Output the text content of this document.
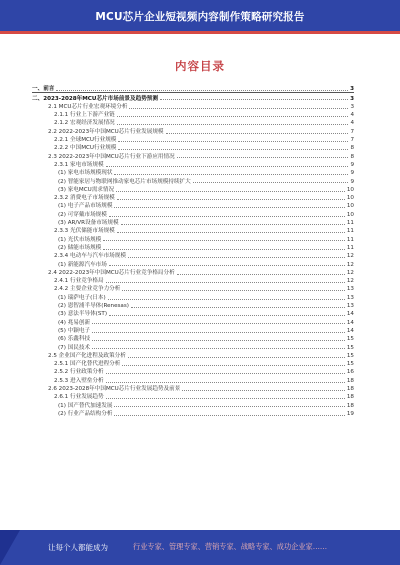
MCU芯片企业短视频内容制作策略研究报告
内容目录
一、前言	3
二、2023-2028年MCU芯片市场前景及趋势预测	3
2.1 MCU芯片行业宏观环境分析	3
2.1.1 行业上下游产业链	4
2.1.2 宏观经济发展情况	4
2.2 2022-2023年中国MCU芯片行业发展规模	7
2.2.1 全球MCU行业规模	7
2.2.2 中国MCU行业规模	8
2.3 2022-2023年中国MCU芯片行业下游应用情况	8
2.3.1 家电市场规模	9
(1) 家电市场规模现状	9
(2) 智能家居与物联网推动家电芯片市场规模持续扩大	9
(3) 家电MCU需求情况	10
2.3.2 消费电子市场规模	10
(1) 电子产品市场规模	10
(2) 可穿戴市场规模	10
(3) AR/VR设备市场规模	11
2.3.3 光伏储能市场规模	11
(1) 光伏市场规模	11
(2) 储能市场规模	11
2.3.4 电动车与汽车市场规模	12
(1) 新能源汽车市场	12
2.4 2022-2023年中国MCU芯片行业竞争格局分析	12
2.4.1 行业竞争格局	12
2.4.2 主要企业竞争力分析	13
(1) 瑞萨电子(日本)	13
(2) 恩智浦半导体(Renesas)	13
(3) 意法半导体(ST)	14
(4) 兆易创新	14
(5) 中颖电子	14
(6) 乐鑫科技	15
(7) 国民技术	15
2.5 企业国产化进程及政策分析	15
2.5.1 国产化替代进程分析	15
2.5.2 行业政策分析	16
2.5.3 进入壁垒分析	18
2.6 2023-2028年中国MCU芯片行业发展趋势及前景	18
2.6.1 行业发展趋势	18
(1) 国产替代加速发展	18
(2) 行业产品结构分析	19
让每个人都能成为	行业专家、管理专家、营销专家、战略专家、成功企业家……
